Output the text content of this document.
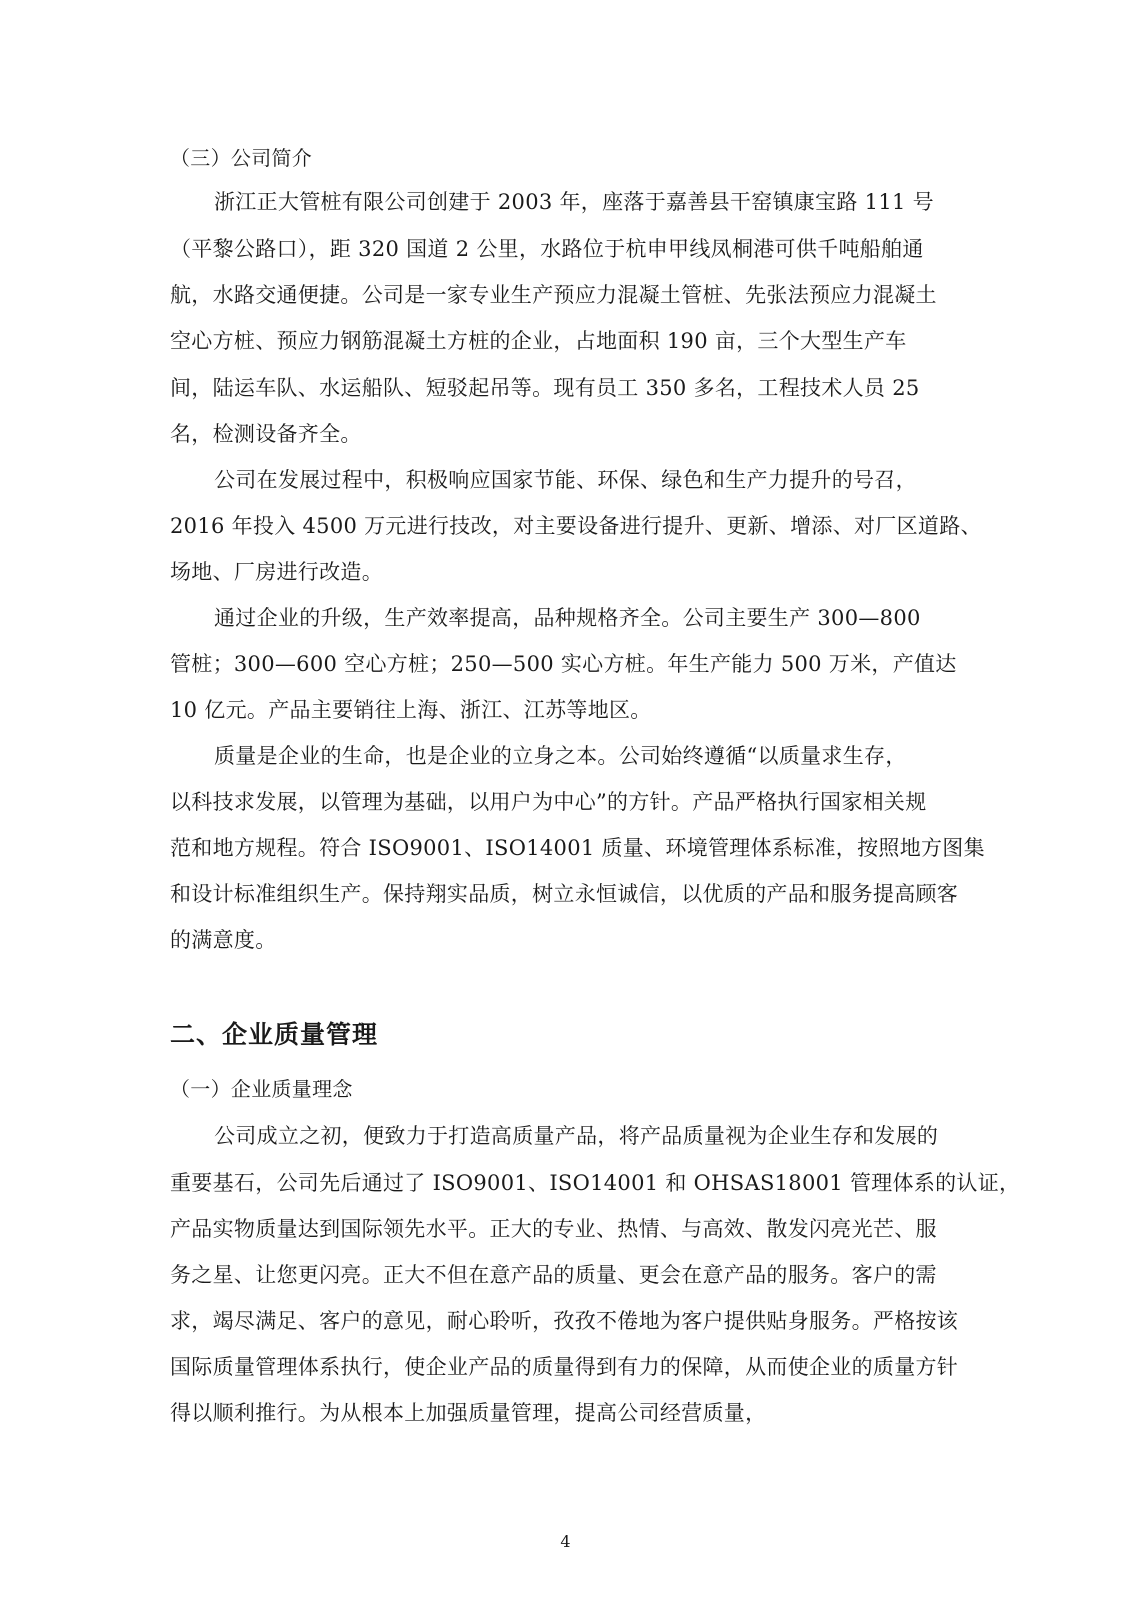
（三）公司简介
浙江正大管桩有限公司创建于 2003 年，座落于嘉善县干窑镇康宝路 111 号
（平黎公路口），距 320 国道 2 公里，水路位于杭申甲线凤桐港可供千吨船舶通
航，水路交通便捷。公司是一家专业生产预应力混凝土管桩、先张法预应力混凝土
空心方桩、预应力钢筋混凝土方桩的企业，占地面积 190 亩，三个大型生产车
间，陆运车队、水运船队、短驳起吊等。现有员工 350 多名，工程技术人员 25
名，检测设备齐全。
公司在发展过程中，积极响应国家节能、环保、绿色和生产力提升的号召，
2016 年投入 4500 万元进行技改，对主要设备进行提升、更新、增添、对厂区道路、
场地、厂房进行改造。
通过企业的升级，生产效率提高，品种规格齐全。公司主要生产 300—800
管桩；300—600 空心方桩；250—500 实心方桩。年生产能力 500 万米，产值达
10 亿元。产品主要销往上海、浙江、江苏等地区。
质量是企业的生命，也是企业的立身之本。公司始终遵循“以质量求生存，
以科技求发展，以管理为基础，以用户为中心”的方针。产品严格执行国家相关规
范和地方规程。符合 ISO9001、ISO14001 质量、环境管理体系标准，按照地方图集
和设计标准组织生产。保持翔实品质，树立永恒诚信，以优质的产品和服务提高顾客
的满意度。
二、企业质量管理
（一）企业质量理念
公司成立之初，便致力于打造高质量产品，将产品质量视为企业生存和发展的
重要基石，公司先后通过了 ISO9001、ISO14001 和 OHSAS18001 管理体系的认证，
产品实物质量达到国际领先水平。正大的专业、热情、与高效、散发闪亮光芒、服
务之星、让您更闪亮。正大不但在意产品的质量、更会在意产品的服务。客户的需
求，竭尽满足、客户的意见，耐心聆听，孜孜不倦地为客户提供贴身服务。严格按该
国际质量管理体系执行，使企业产品的质量得到有力的保障，从而使企业的质量方针
得以顺利推行。为从根本上加强质量管理，提高公司经营质量，
4
